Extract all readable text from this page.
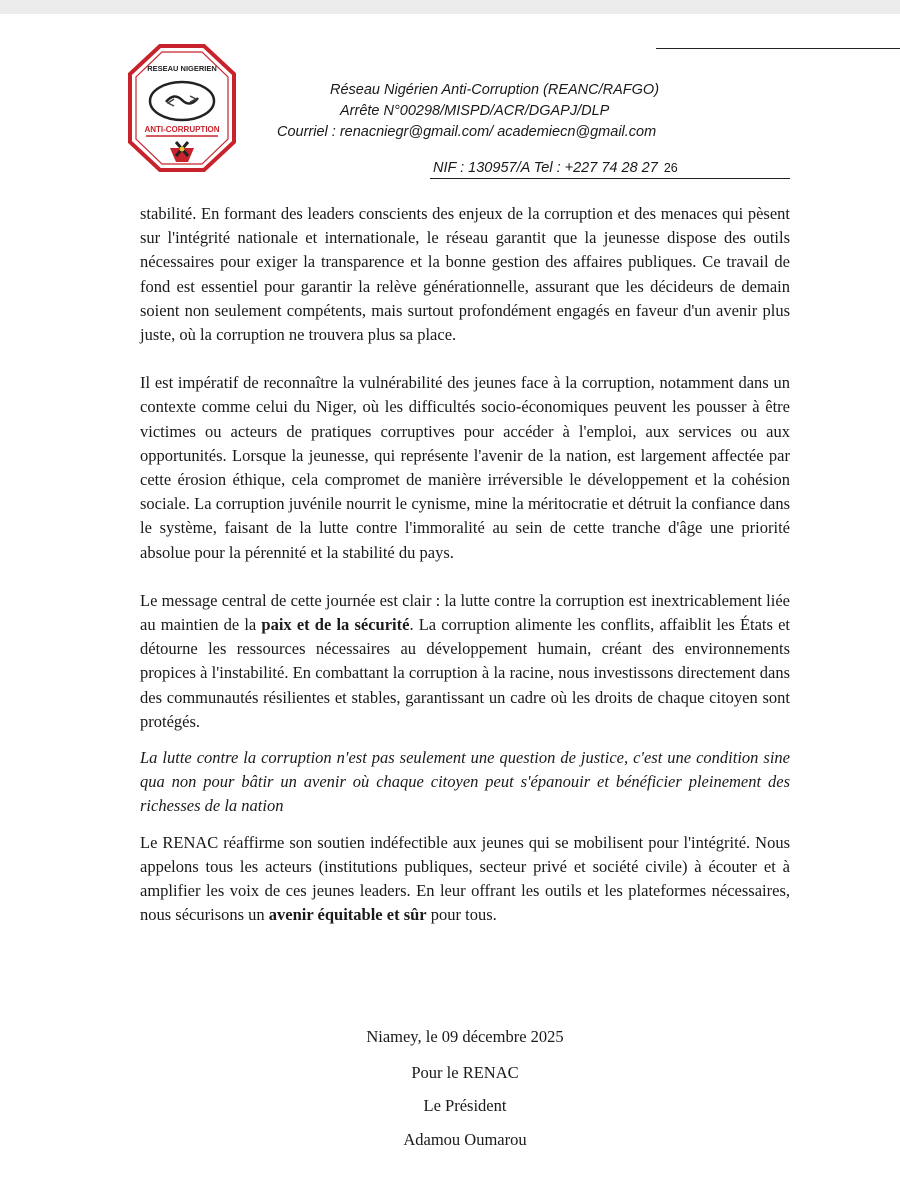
RESEAU NIGERIEN
ANTI-CORRUPTION
Réseau Nigérien Anti-Corruption (REANC/RAFGO)
Arrête N°00298/MISPD/ACR/DGAPJ/DLP
Courriel : renacniegr@gmail.com/ academiecn@gmail.com
NIF : 130957/A Tel : +227 74 28 27 26

stabilité. En formant des leaders conscients des enjeux de la corruption et des menaces qui pèsent sur l'intégrité nationale et internationale, le réseau garantit que la jeunesse dispose des outils nécessaires pour exiger la transparence et la bonne gestion des affaires publiques. Ce travail de fond est essentiel pour garantir la relève générationnelle, assurant que les décideurs de demain soient non seulement compétents, mais surtout profondément engagés en faveur d'un avenir plus juste, où la corruption ne trouvera plus sa place.

Il est impératif de reconnaître la vulnérabilité des jeunes face à la corruption, notamment dans un contexte comme celui du Niger, où les difficultés socio-économiques peuvent les pousser à être victimes ou acteurs de pratiques corruptives pour accéder à l'emploi, aux services ou aux opportunités. Lorsque la jeunesse, qui représente l'avenir de la nation, est largement affectée par cette érosion éthique, cela compromet de manière irréversible le développement et la cohésion sociale. La corruption juvénile nourrit le cynisme, mine la méritocratie et détruit la confiance dans le système, faisant de la lutte contre l'immoralité au sein de cette tranche d'âge une priorité absolue pour la pérennité et la stabilité du pays.

Le message central de cette journée est clair : la lutte contre la corruption est inextricablement liée au maintien de la paix et de la sécurité. La corruption alimente les conflits, affaiblit les États et détourne les ressources nécessaires au développement humain, créant des environnements propices à l'instabilité. En combattant la corruption à la racine, nous investissons directement dans des communautés résilientes et stables, garantissant un cadre où les droits de chaque citoyen sont protégés.

La lutte contre la corruption n'est pas seulement une question de justice, c'est une condition sine qua non pour bâtir un avenir où chaque citoyen peut s'épanouir et bénéficier pleinement des richesses de la nation

Le RENAC réaffirme son soutien indéfectible aux jeunes qui se mobilisent pour l'intégrité. Nous appelons tous les acteurs (institutions publiques, secteur privé et société civile) à écouter et à amplifier les voix de ces jeunes leaders. En leur offrant les outils et les plateformes nécessaires, nous sécurisons un avenir équitable et sûr pour tous.

Niamey, le 09 décembre 2025
Pour le RENAC
Le Président
Adamou Oumarou
